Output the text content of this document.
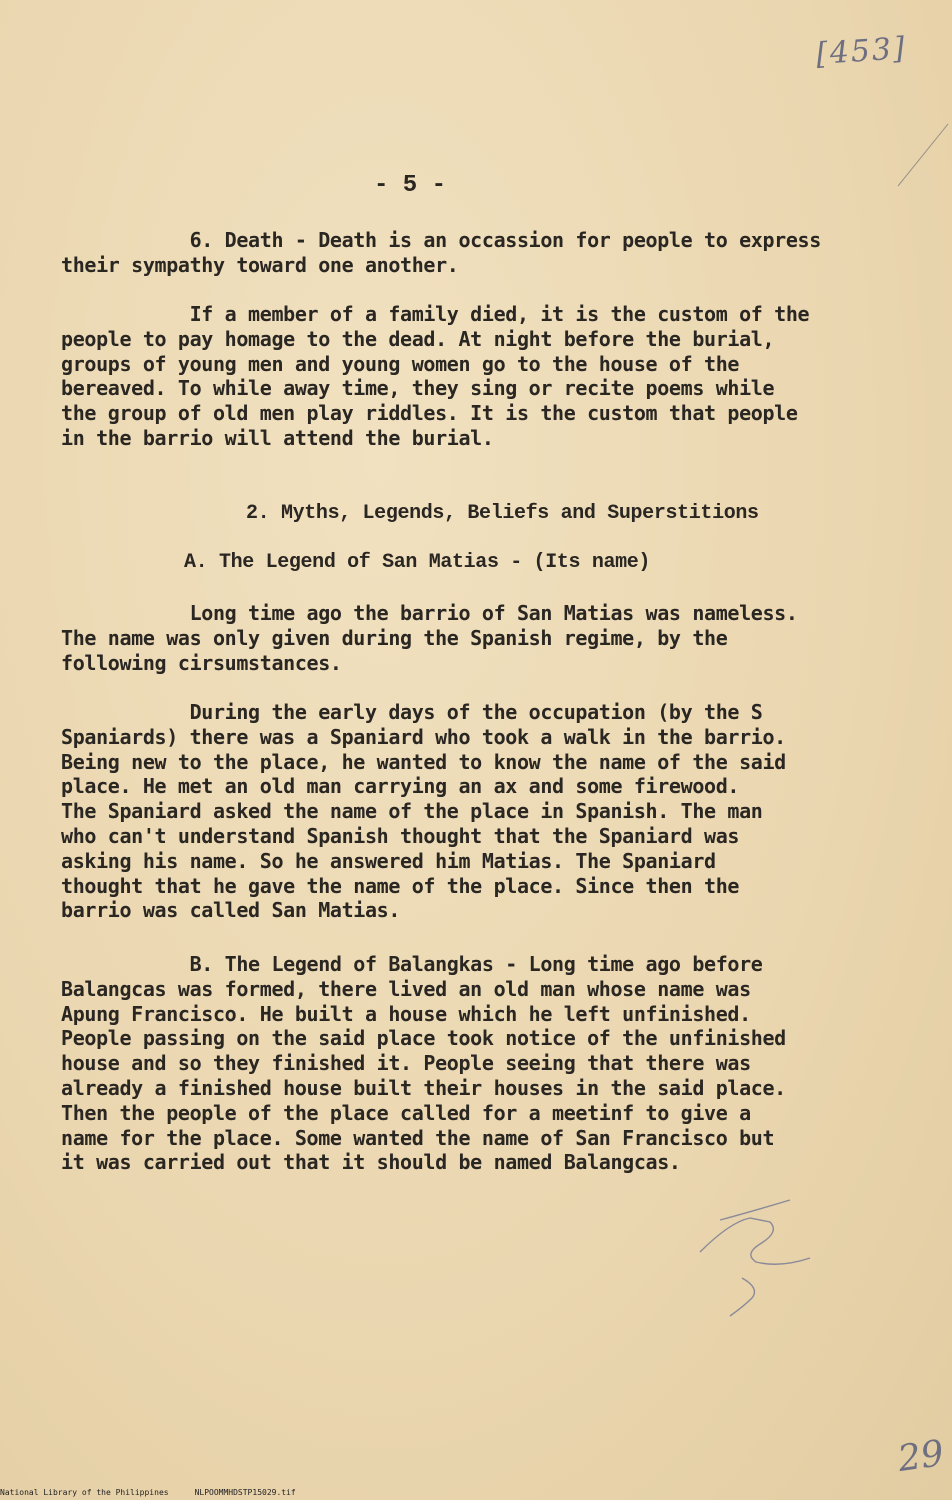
[453]
- 5 -
6. Death - Death is an occassion for people to express
their sympathy toward one another.
If a member of a family died, it is the custom of the
people to pay homage to the dead. At night before the burial,
groups of young men and young women go to the house of the
bereaved. To while away time, they sing or recite poems while
the group of old men play riddles. It is the custom that people
in the barrio will attend the burial.
2. Myths, Legends, Beliefs and Superstitions
A. The Legend of San Matias - (Its name)
Long time ago the barrio of San Matias was nameless.
The name was only given during the Spanish regime, by the
following cirsumstances.
During the early days of the occupation (by the S
Spaniards) there was a Spaniard who took a walk in the barrio.
Being new to the place, he wanted to know the name of the said
place. He met an old man carrying an ax and some firewood.
The Spaniard asked the name of the place in Spanish. The man
who can't understand Spanish thought that the Spaniard was
asking his name. So he answered him Matias. The Spaniard
thought that he gave the name of the place. Since then the
barrio was called San Matias.
B. The Legend of Balangkas - Long time ago before
Balangcas was formed, there lived an old man whose name was
Apung Francisco. He built a house which he left unfinished.
People passing on the said place took notice of the unfinished
house and so they finished it. People seeing that there was
already a finished house built their houses in the said place.
Then the people of the place called for a meetinf to give a
name for the place. Some wanted the name of San Francisco but
it was carried out that it should be named Balangcas.
29
National Library of the Philippines	NLPOOMMHDSTP15029.tif
